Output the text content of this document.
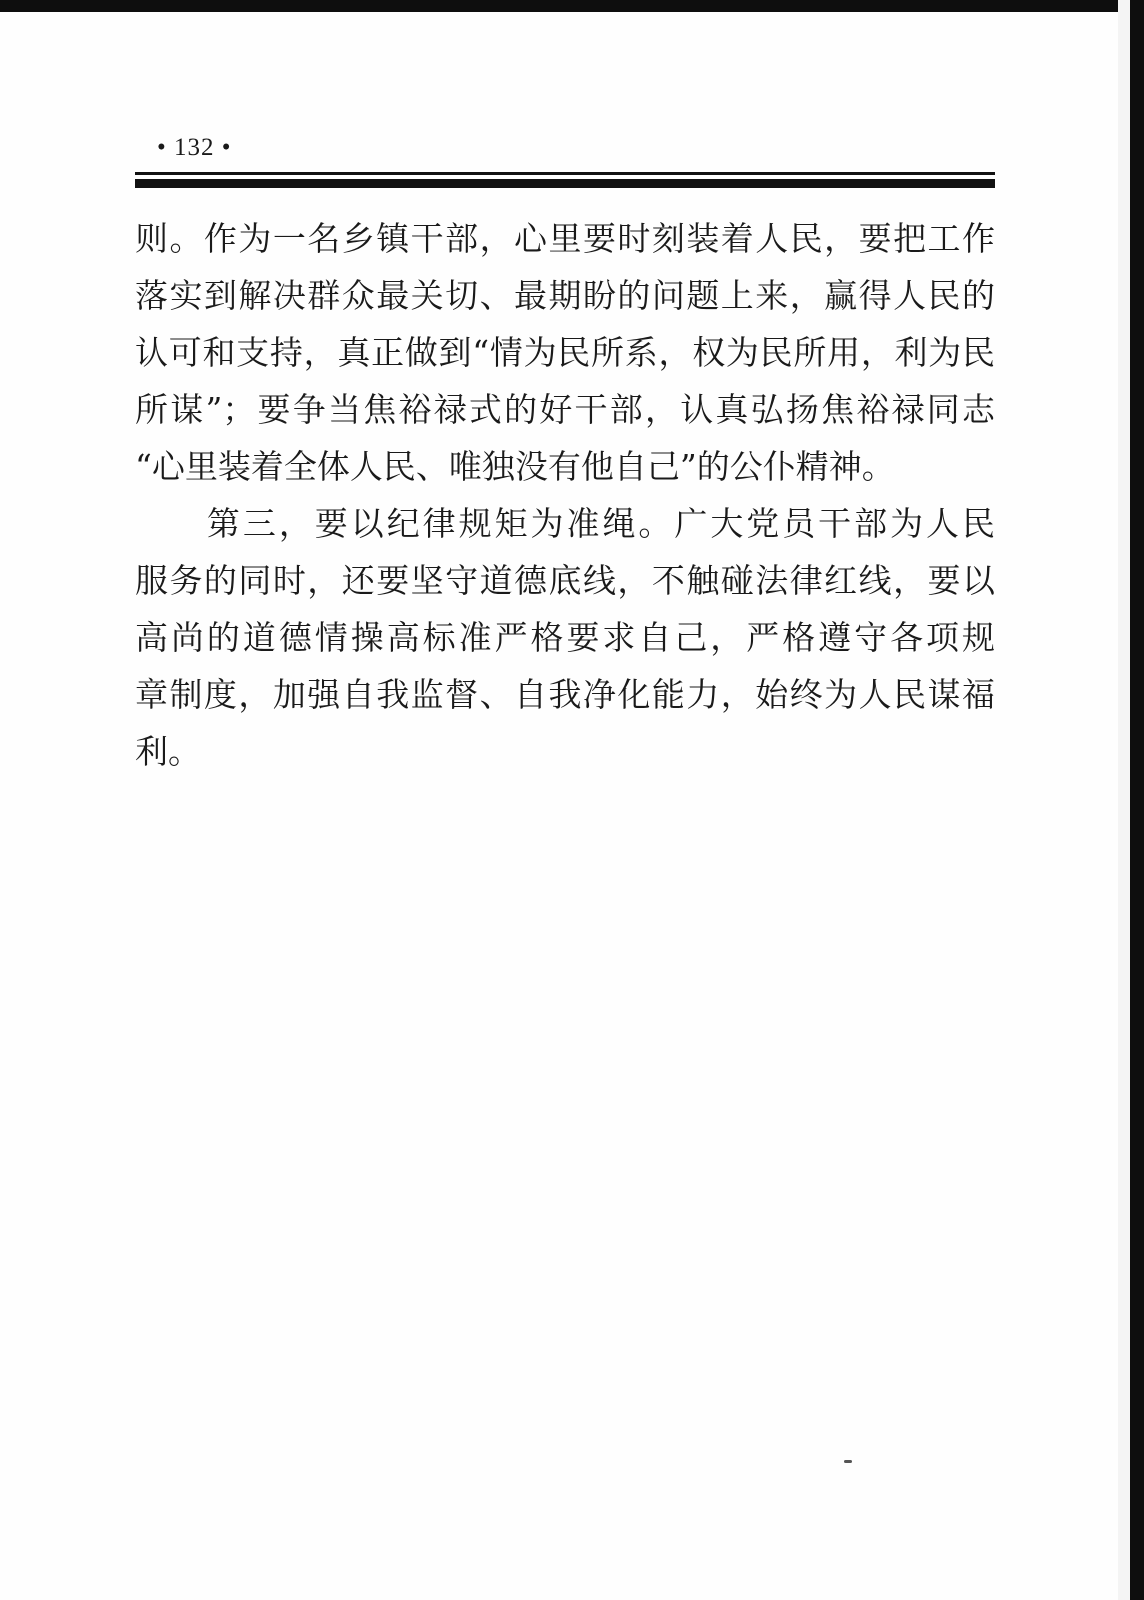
• 132 •
则。作为一名乡镇干部，心里要时刻装着人民，要把工作
落实到解决群众最关切、最期盼的问题上来，赢得人民的
认可和支持，真正做到“情为民所系，权为民所用，利为民
所谋”；要争当焦裕禄式的好干部，认真弘扬焦裕禄同志
“心里装着全体人民、唯独没有他自己”的公仆精神。
　　第三，要以纪律规矩为准绳。广大党员干部为人民
服务的同时，还要坚守道德底线，不触碰法律红线，要以
高尚的道德情操高标准严格要求自己，严格遵守各项规
章制度，加强自我监督、自我净化能力，始终为人民谋福
利。
